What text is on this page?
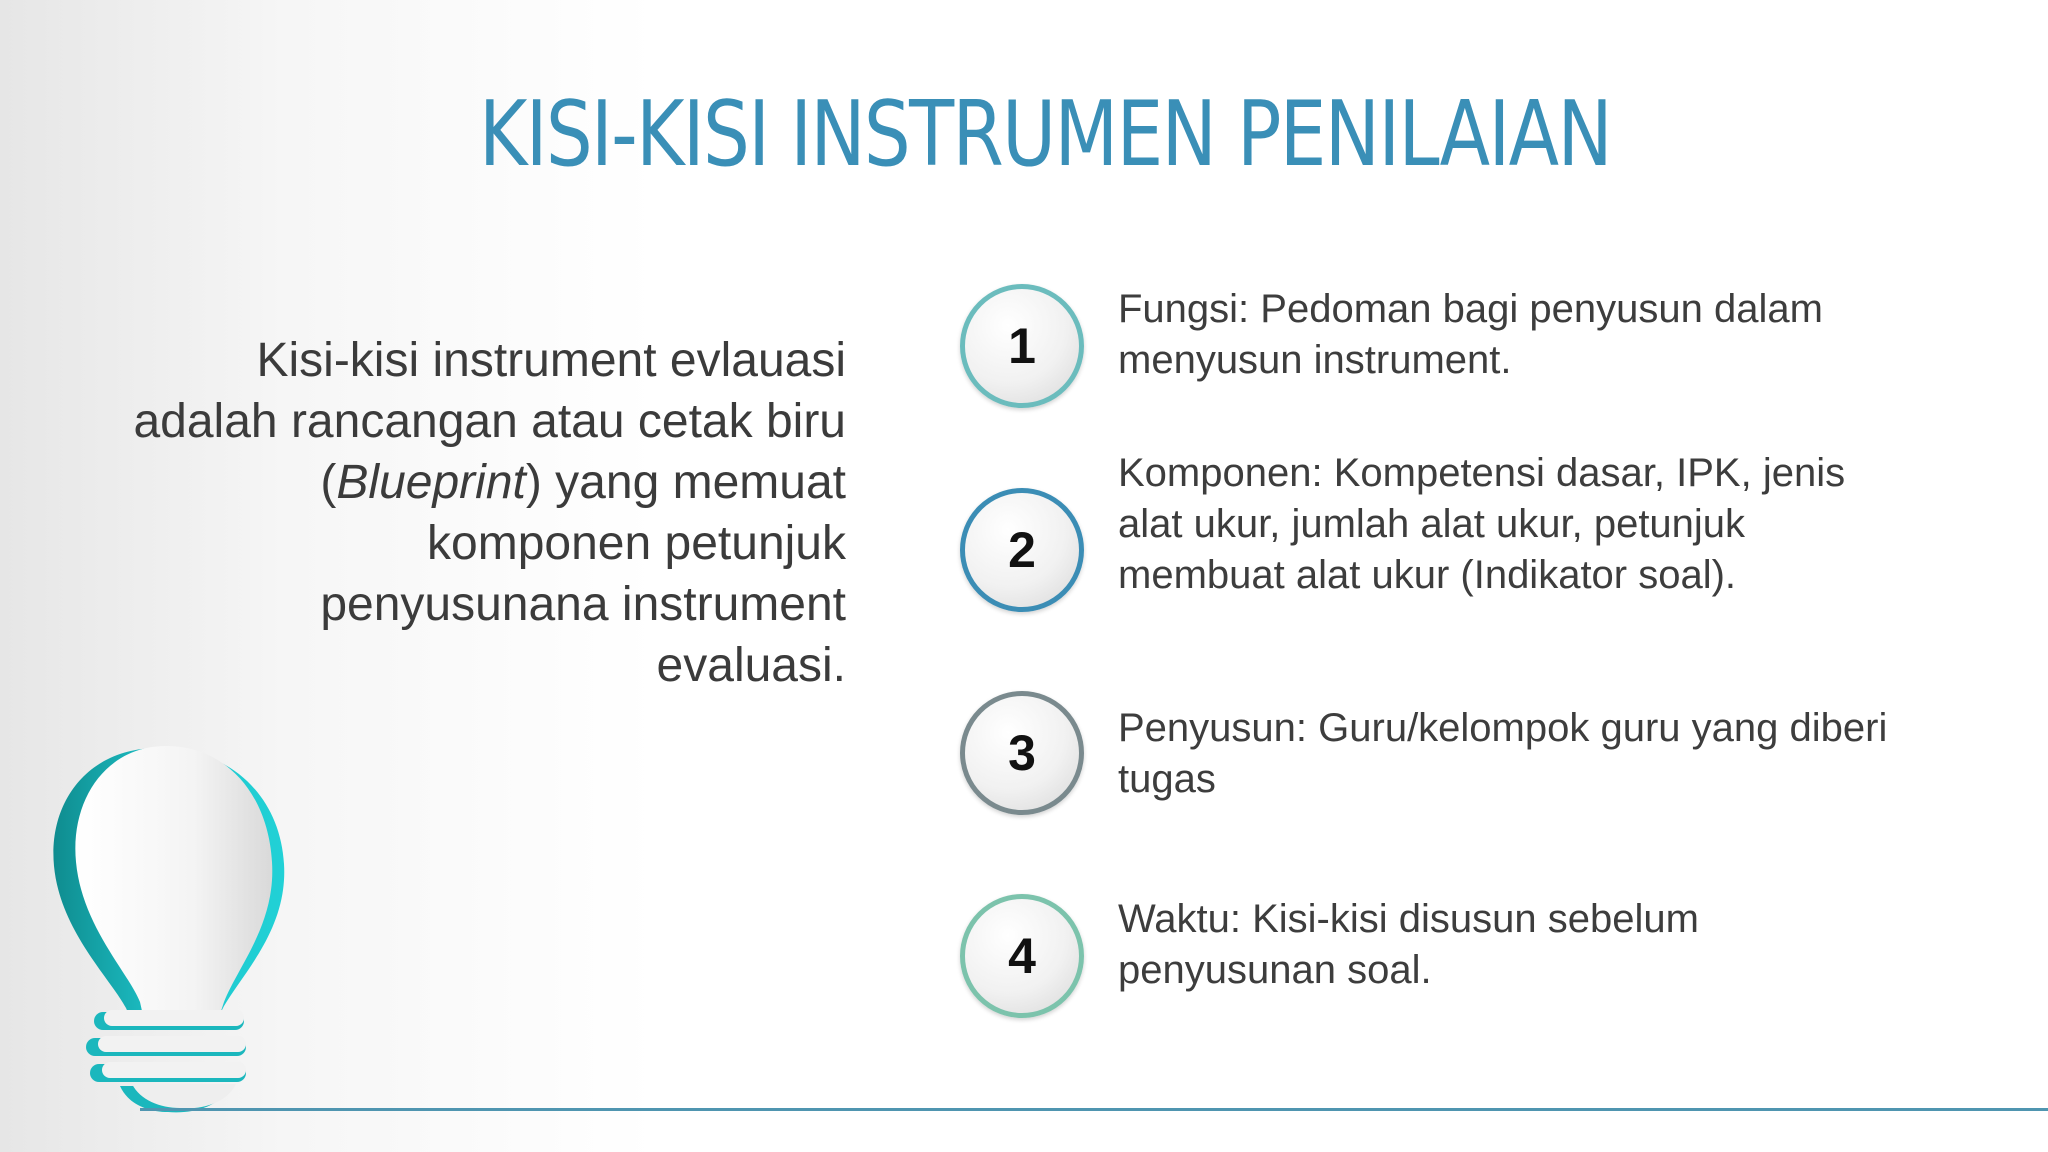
KISI-KISI INSTRUMEN PENILAIAN
Kisi-kisi instrument evlauasi adalah rancangan atau cetak biru (Blueprint) yang memuat komponen petunjuk penyusunana instrument evaluasi.
1
Fungsi: Pedoman bagi penyusun dalam menyusun instrument.
2
Komponen: Kompetensi dasar, IPK, jenis alat ukur, jumlah alat ukur, petunjuk membuat alat ukur (Indikator soal).
3	Penyusun: Guru/kelompok guru yang diberi tugas
4
Waktu: Kisi-kisi disusun sebelum penyusunan soal.
